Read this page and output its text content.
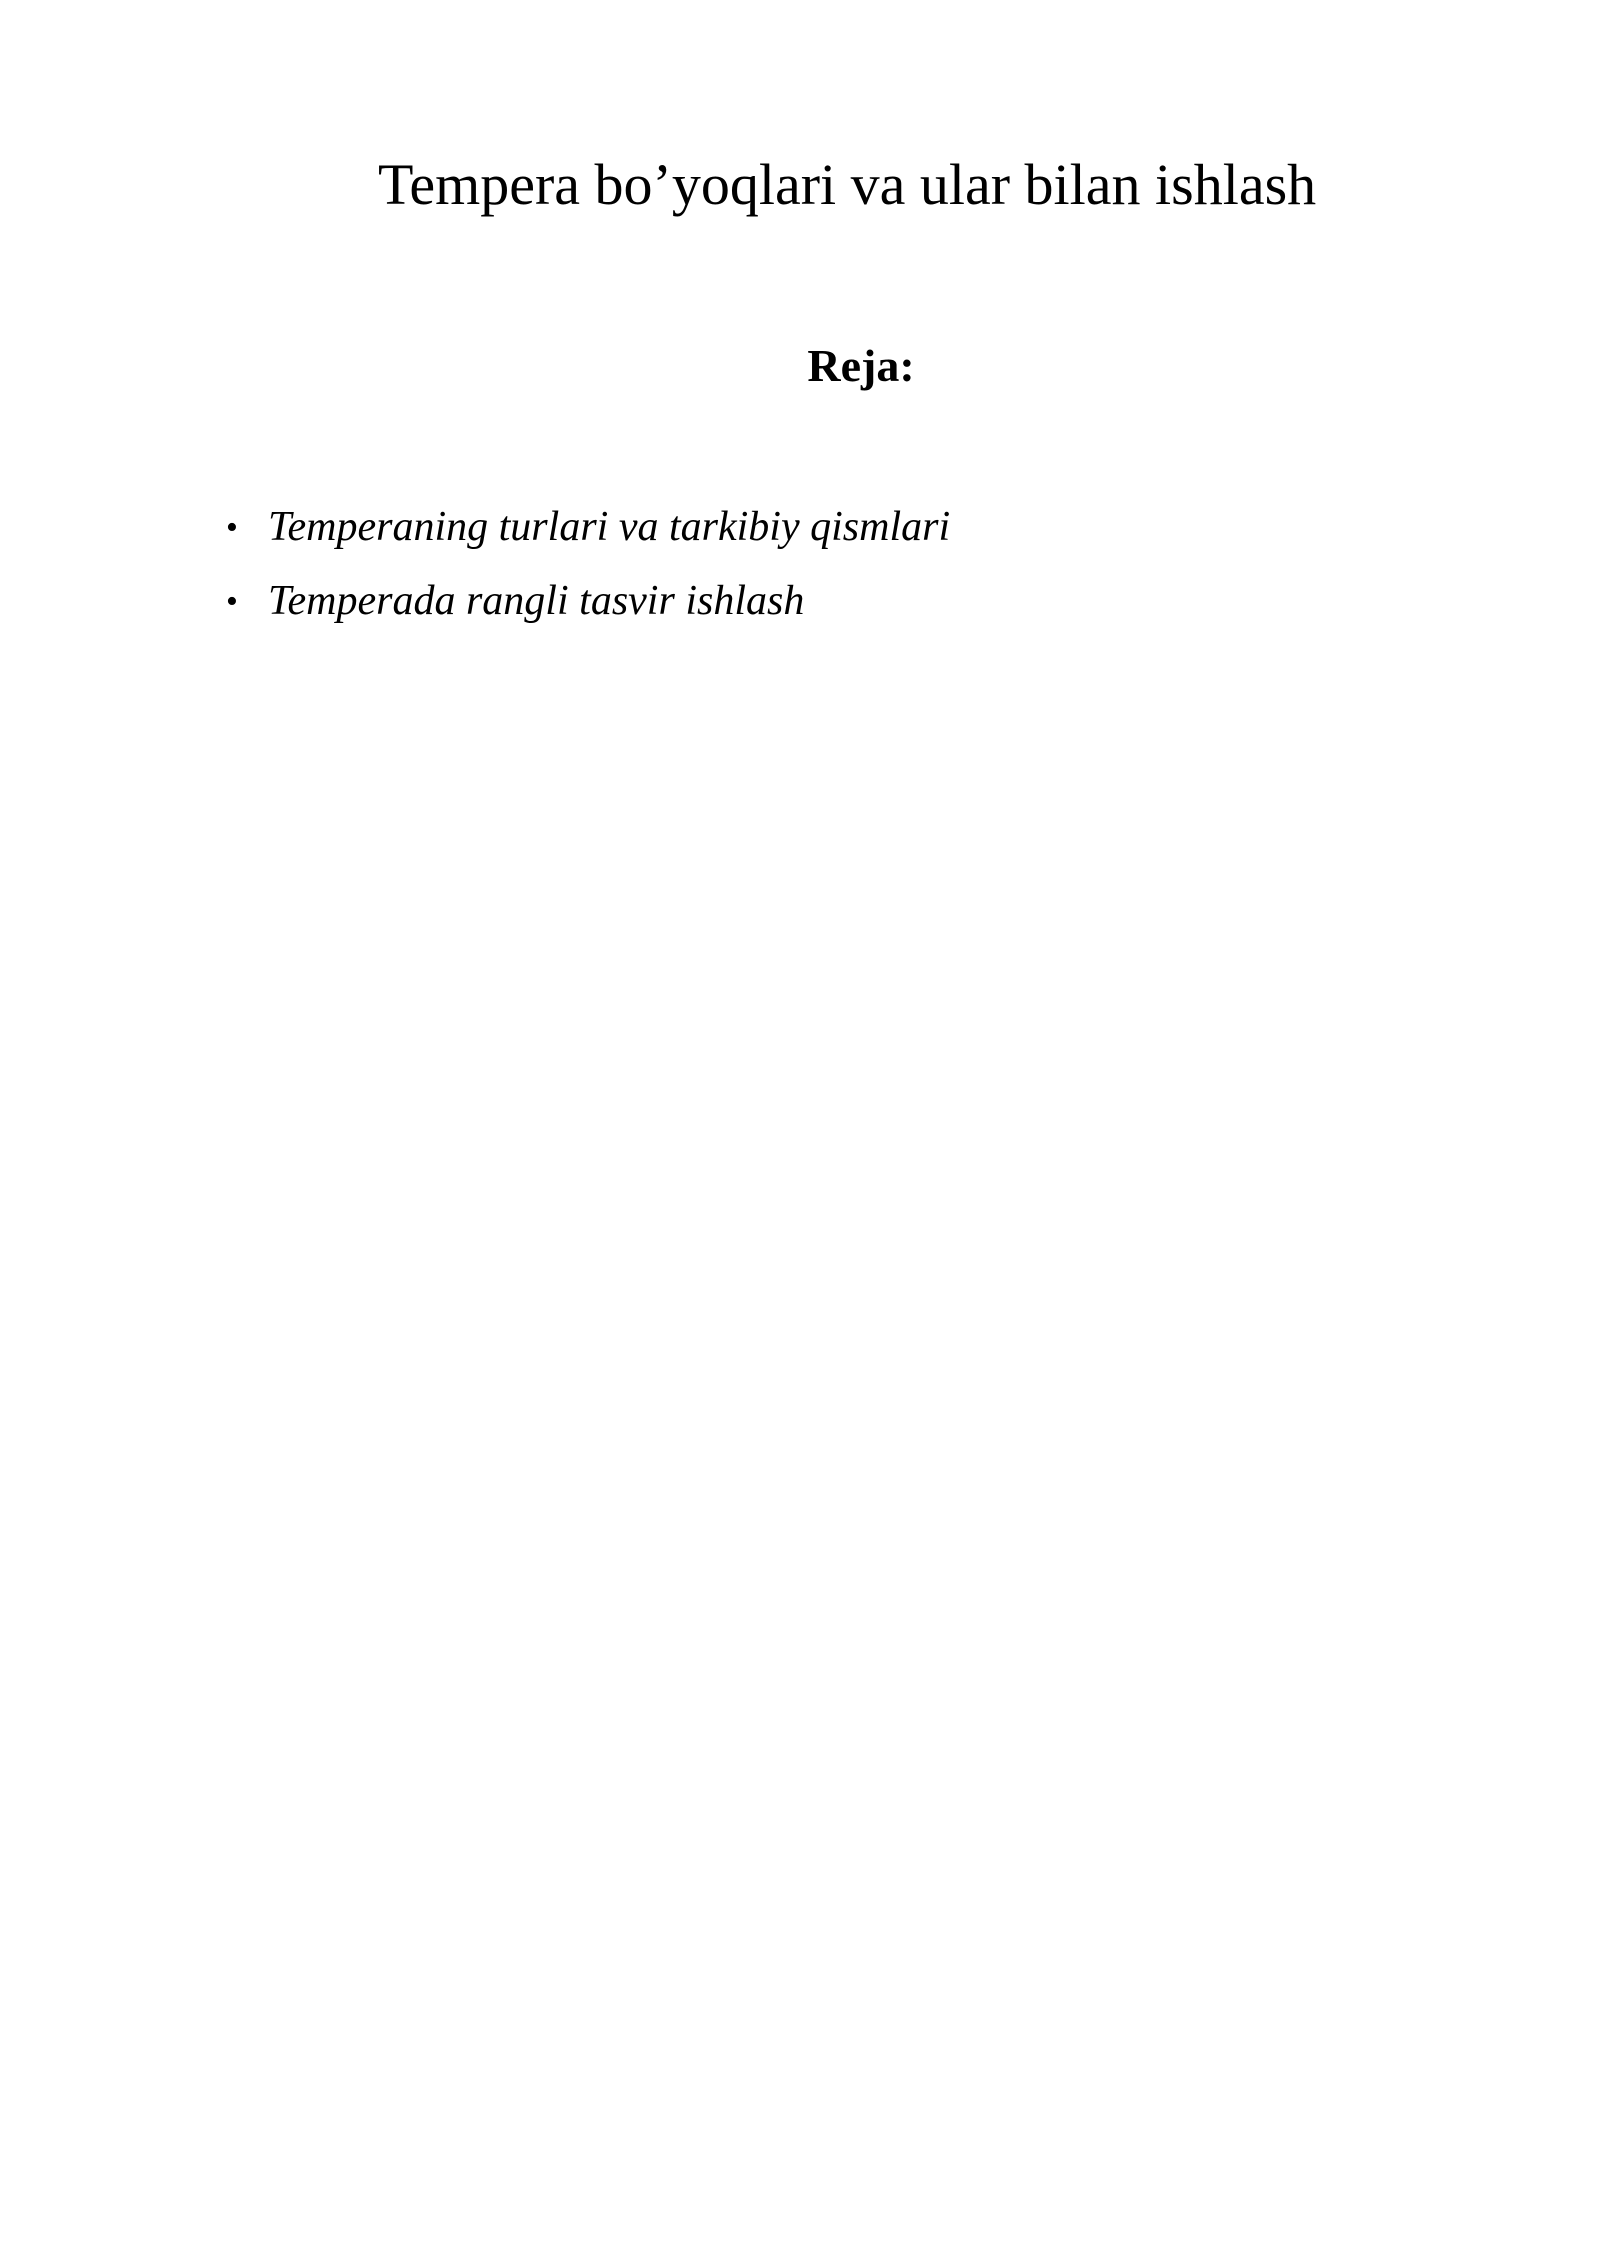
Tempera bo’yoqlari va ular bilan ishlash
Reja:
• Temperaning turlari va tarkibiy qismlari
• Temperada rangli tasvir ishlash
